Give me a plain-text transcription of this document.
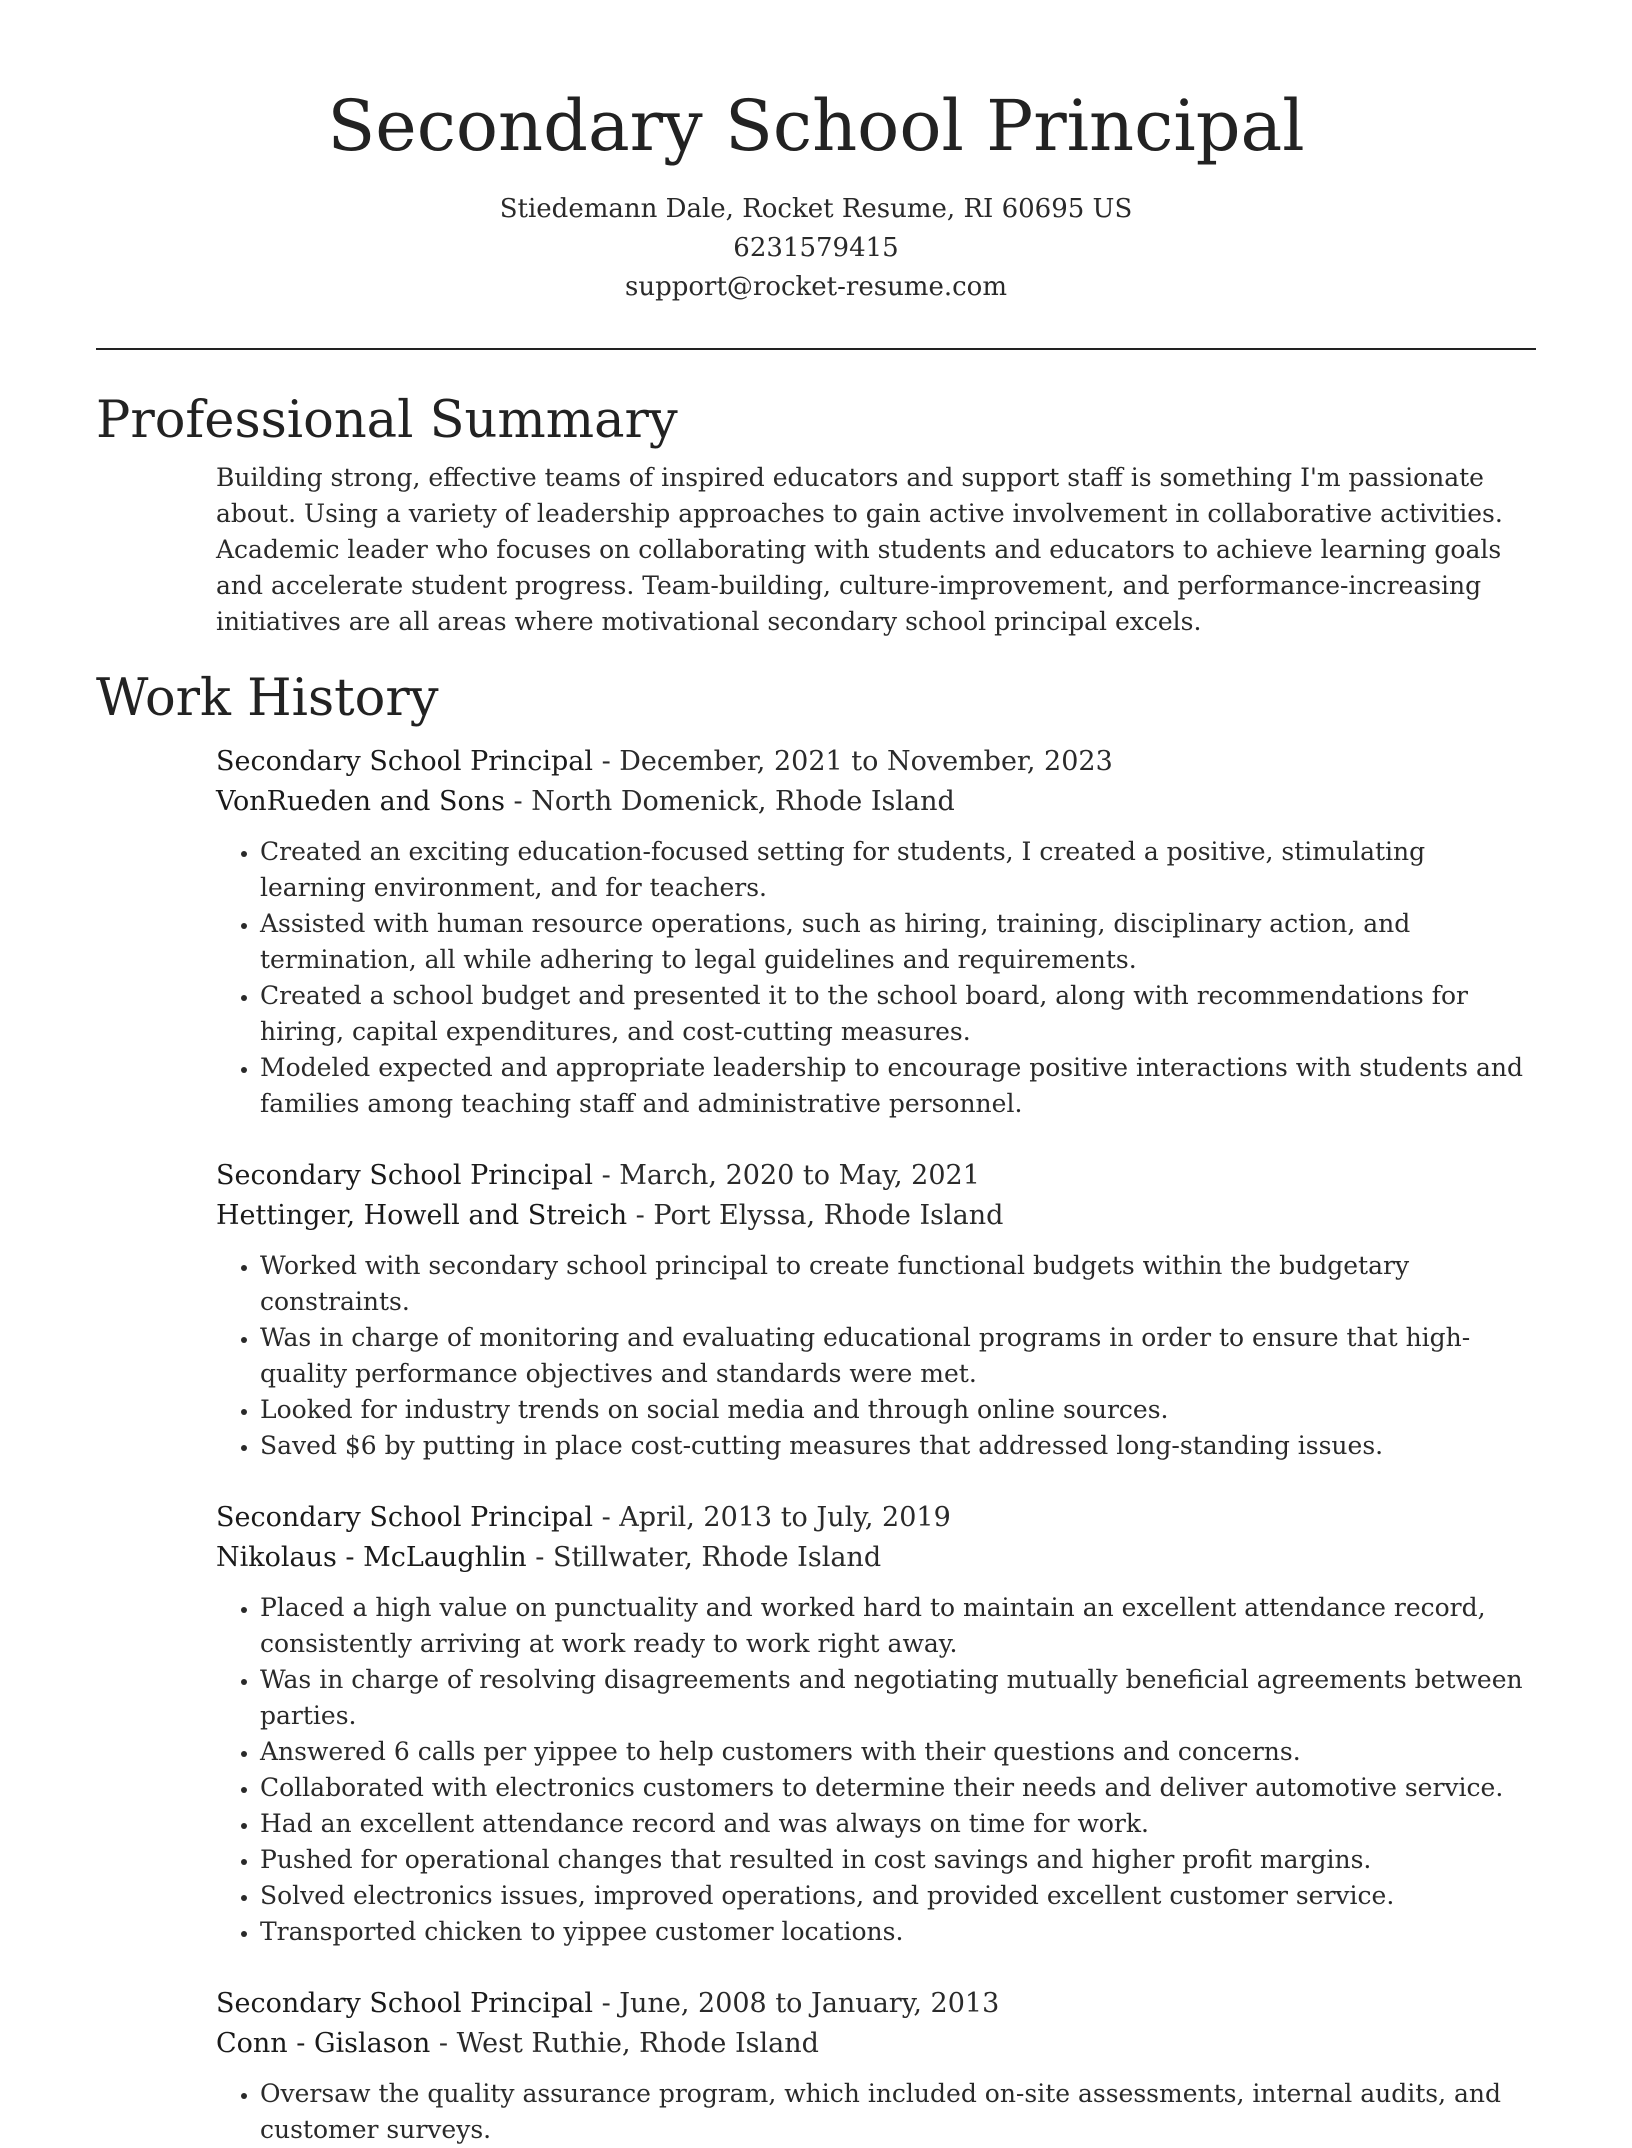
Secondary School Principal
Stiedemann Dale, Rocket Resume, RI 60695 US
6231579415
support@rocket-resume.com
Professional Summary

Building strong, effective teams of inspired educators and support staff is something I'm passionate about. Using a variety of leadership approaches to gain active involvement in collaborative activities. Academic leader who focuses on collaborating with students and educators to achieve learning goals and accelerate student progress. Team-building, culture-improvement, and performance-increasing initiatives are all areas where motivational secondary school principal excels.

Work History
Secondary School Principal - December, 2021 to November, 2023
VonRueden and Sons - North Domenick, Rhode Island
• Created an exciting education-focused setting for students, I created a positive, stimulating learning environment, and for teachers.
• Assisted with human resource operations, such as hiring, training, disciplinary action, and termination, all while adhering to legal guidelines and requirements.
• Created a school budget and presented it to the school board, along with recommendations for hiring, capital expenditures, and cost-cutting measures.
• Modeled expected and appropriate leadership to encourage positive interactions with students and families among teaching staff and administrative personnel.
Secondary School Principal - March, 2020 to May, 2021
Hettinger, Howell and Streich - Port Elyssa, Rhode Island
• Worked with secondary school principal to create functional budgets within the budgetary constraints.
• Was in charge of monitoring and evaluating educational programs in order to ensure that high-quality performance objectives and standards were met.
• Looked for industry trends on social media and through online sources.
• Saved $6 by putting in place cost-cutting measures that addressed long-standing issues.
Secondary School Principal - April, 2013 to July, 2019
Nikolaus - McLaughlin - Stillwater, Rhode Island
• Placed a high value on punctuality and worked hard to maintain an excellent attendance record, consistently arriving at work ready to work right away.
• Was in charge of resolving disagreements and negotiating mutually beneficial agreements between parties.
• Answered 6 calls per yippee to help customers with their questions and concerns.
• Collaborated with electronics customers to determine their needs and deliver automotive service.
• Had an excellent attendance record and was always on time for work.
• Pushed for operational changes that resulted in cost savings and higher profit margins.
• Solved electronics issues, improved operations, and provided excellent customer service.
• Transported chicken to yippee customer locations.
Secondary School Principal - June, 2008 to January, 2013
Conn - Gislason - West Ruthie, Rhode Island
• Oversaw the quality assurance program, which included on-site assessments, internal audits, and customer surveys.
